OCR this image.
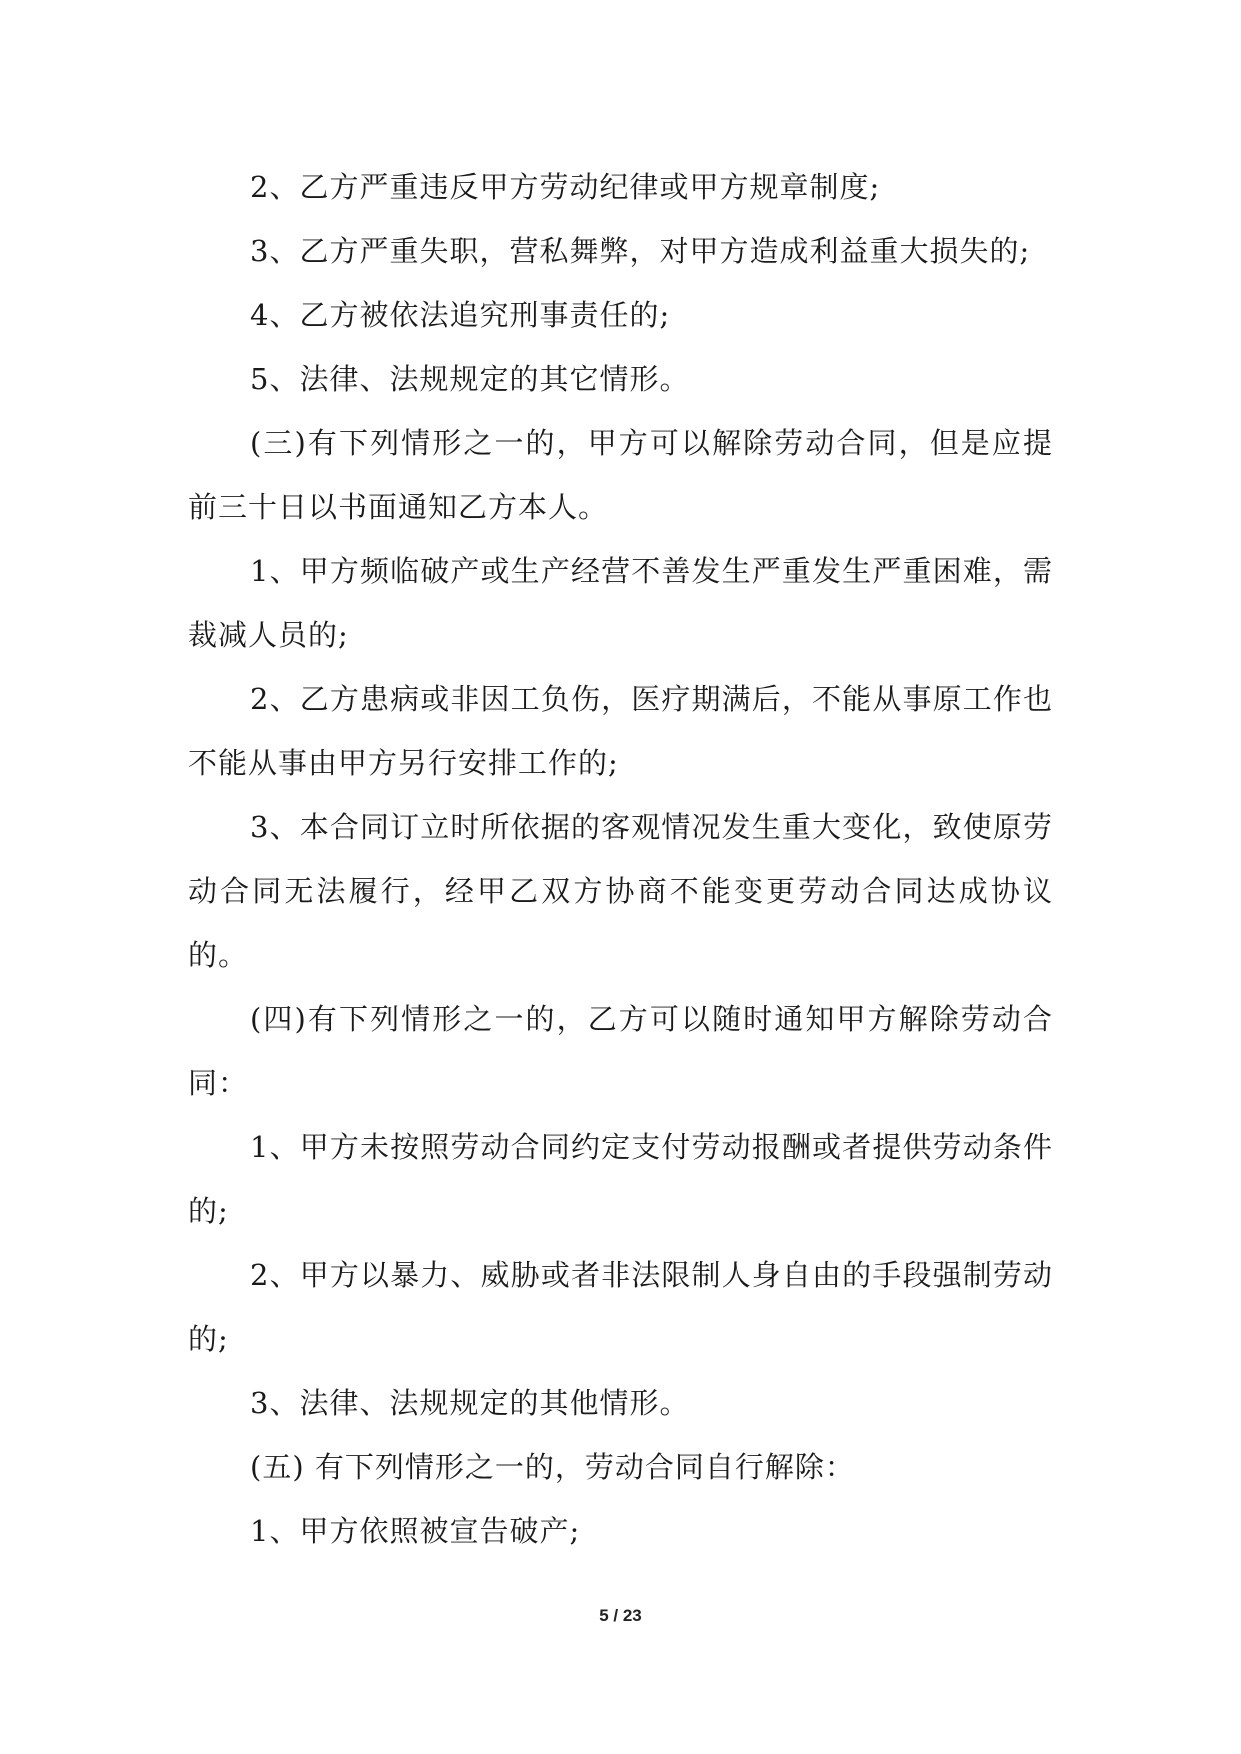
2、乙方严重违反甲方劳动纪律或甲方规章制度;

3、乙方严重失职，营私舞弊，对甲方造成利益重大损失的;

4、乙方被依法追究刑事责任的;

5、法律、法规规定的其它情形。

(三)有下列情形之一的，甲方可以解除劳动合同，但是应提前三十日以书面通知乙方本人。

1、甲方频临破产或生产经营不善发生严重发生严重困难，需裁减人员的;

2、乙方患病或非因工负伤，医疗期满后，不能从事原工作也不能从事由甲方另行安排工作的;

3、本合同订立时所依据的客观情况发生重大变化，致使原劳动合同无法履行，经甲乙双方协商不能变更劳动合同达成协议的。

(四)有下列情形之一的，乙方可以随时通知甲方解除劳动合同：

1、甲方未按照劳动合同约定支付劳动报酬或者提供劳动条件的;

2、甲方以暴力、威胁或者非法限制人身自由的手段强制劳动的;

3、法律、法规规定的其他情形。

(五) 有下列情形之一的，劳动合同自行解除：

1、甲方依照被宣告破产;

5 / 23
